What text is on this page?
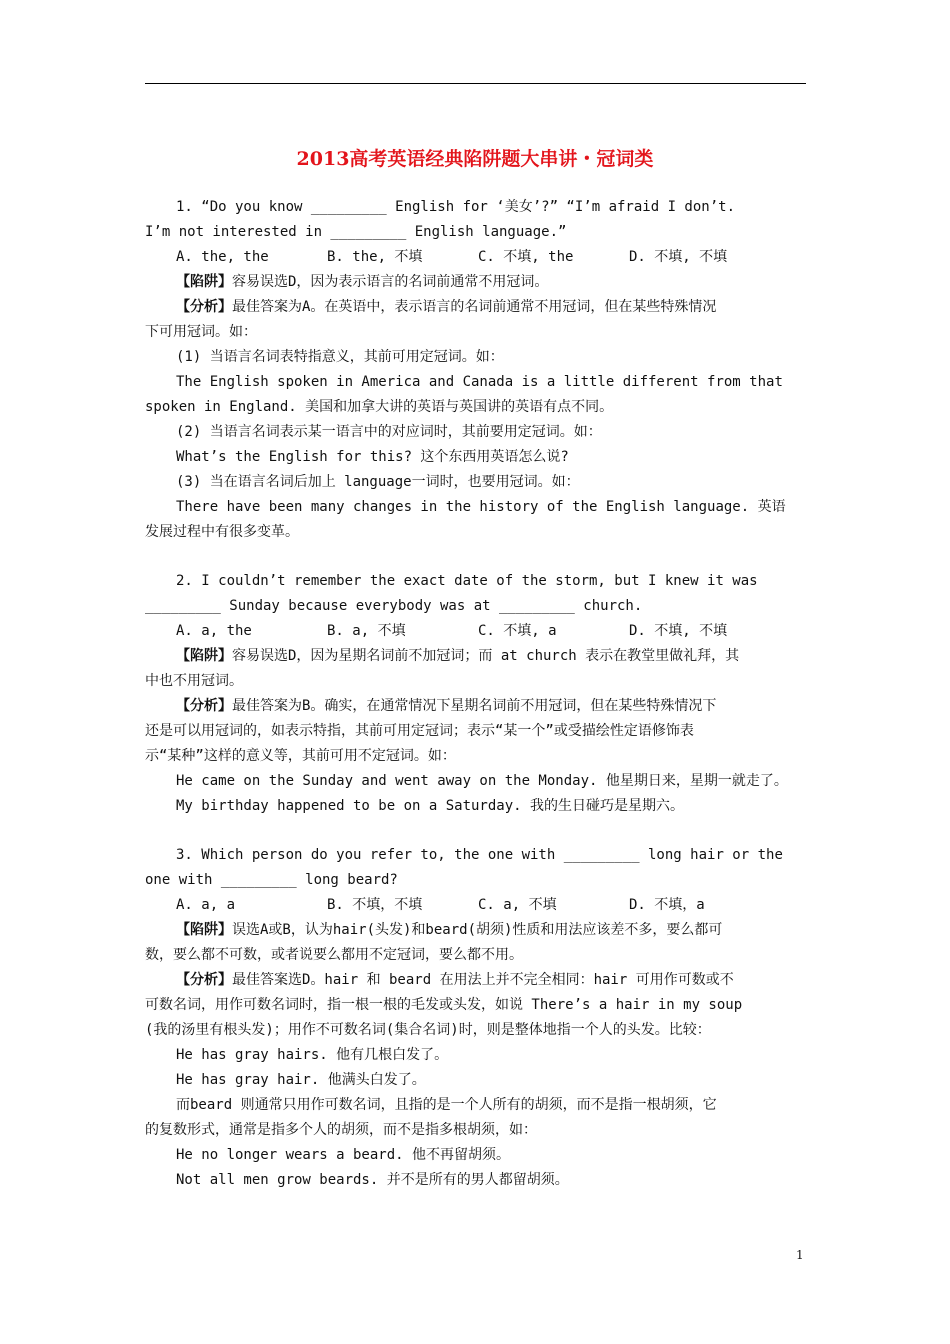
2013高考英语经典陷阱题大串讲・冠词类
1. “Do you know _________ English for ‘美女’?” “I’m afraid I don’t.
I’m not interested in _________ English language.”
A. the, the	B. the, 不填	C. 不填, the	D. 不填, 不填
【陷阱】容易误选D，因为表示语言的名词前通常不用冠词。
【分析】最佳答案为A。在英语中，表示语言的名词前通常不用冠词，但在某些特殊情况
下可用冠词。如：
(1) 当语言名词表特指意义，其前可用定冠词。如：
The English spoken in America and Canada is a little different from that
spoken in England. 美国和加拿大讲的英语与英国讲的英语有点不同。
(2) 当语言名词表示某一语言中的对应词时，其前要用定冠词。如：
What’s the English for this? 这个东西用英语怎么说?
(3) 当在语言名词后加上 language一词时，也要用冠词。如：
There have been many changes in the history of the English language. 英语
发展过程中有很多变革。
2. I couldn’t remember the exact date of the storm, but I knew it was
_________ Sunday because everybody was at _________ church.
A. a, the	B. a, 不填	C. 不填, a	D. 不填, 不填
【陷阱】容易误选D，因为星期名词前不加冠词；而 at church 表示在教堂里做礼拜，其
中也不用冠词。
【分析】最佳答案为B。确实，在通常情况下星期名词前不用冠词，但在某些特殊情况下
还是可以用冠词的，如表示特指，其前可用定冠词；表示“某一个”或受描绘性定语修饰表
示“某种”这样的意义等，其前可用不定冠词。如：
He came on the Sunday and went away on the Monday. 他星期日来，星期一就走了。
My birthday happened to be on a Saturday. 我的生日碰巧是星期六。
3. Which person do you refer to, the one with _________ long hair or the
one with _________ long beard?
A. a, a	B. 不填，不填	C. a, 不填	D. 不填，a
【陷阱】误选A或B，认为hair(头发)和beard(胡须)性质和用法应该差不多，要么都可
数，要么都不可数，或者说要么都用不定冠词，要么都不用。
【分析】最佳答案选D。hair 和 beard 在用法上并不完全相同：hair 可用作可数或不
可数名词，用作可数名词时，指一根一根的毛发或头发，如说 There’s a hair in my soup
(我的汤里有根头发)；用作不可数名词(集合名词)时，则是整体地指一个人的头发。比较：
He has gray hairs. 他有几根白发了。
He has gray hair. 他满头白发了。
而beard 则通常只用作可数名词，且指的是一个人所有的胡须，而不是指一根胡须，它
的复数形式，通常是指多个人的胡须，而不是指多根胡须，如：
He no longer wears a beard. 他不再留胡须。
Not all men grow beards. 并不是所有的男人都留胡须。
1
